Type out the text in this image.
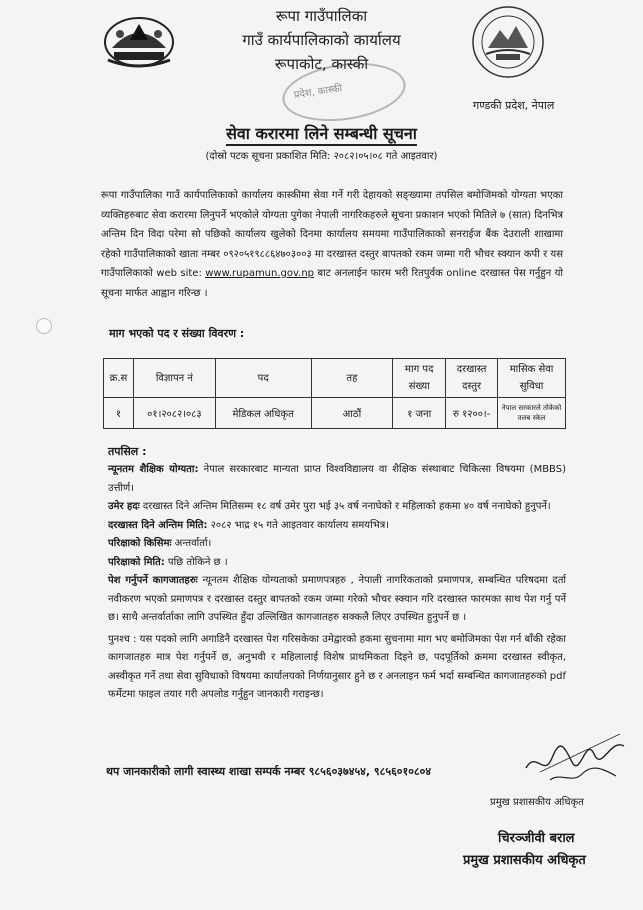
रूपा गाउँपालिका
गाउँ कार्यपालिकाको कार्यालय
रूपाकोट, कास्की
प्रदेश, कास्की
गण्डकी प्रदेश, नेपाल
सेवा करारमा लिने सम्बन्धी सूचना
(दोस्रो पटक सूचना प्रकाशित मिति: २०८२।०५।०८ गते आइतवार)
रूपा गाउँपालिका गाउँ कार्यपालिकाको कार्यालय कास्कीमा सेवा गर्ने गरी देहायको सङ्ख्यामा तपसिल बमोजिमको योग्यता भएका व्यक्तिहरुबाट सेवा करारमा लिनुपर्ने भएकोले योग्यता पुगेका नेपाली नागरिकहरुले सूचना प्रकाशन भएको मितिले ७ (सात) दिनभित्र अन्तिम दिन विदा परेमा सो पछिको कार्यालय खुलेको दिनमा कार्यालय समयमा गाउँपालिकाको सनराईज बैंक देउराली शाखामा रहेको गाउँपालिकाको खाता नम्बर ०९२०५१९८८६४७०३००३ मा दरखास्त दस्तुर बापतको रकम जम्मा गरी भौचर स्क्यान कपी र यस गाउँपालिकाको web site: www.rupamun.gov.np बाट अनलाईन फारम भरी रितपुर्वक online दरखास्त पेस गर्नुहुन यो सूचना मार्फत आह्वान गरिन्छ ।
माग भएको पद र संख्या विवरण :
क्र.स	विज्ञापन नं	पद	तह	माग पद संख्या	दरखास्त दस्तुर	मासिक सेवा सुविधा
१	०१।२०८२।०८३	मेडिकल अधिकृत	आठौं	१ जना	रु १२००।-	नेपाल सरकारले तोकेको तलब स्केल
तपसिल :

न्यूनतम शैक्षिक योग्यता: नेपाल सरकारबाट मान्यता प्राप्त विश्वविद्यालय वा शैक्षिक संस्थाबाट चिकित्सा विषयमा (MBBS) उत्तीर्ण।

उमेर हदः दरखास्त दिने अन्तिम मितिसम्म १८ वर्ष उमेर पुरा भई ३५ वर्ष ननाघेको र महिलाको हकमा ४० वर्ष ननाघेको हुनुपर्ने।

दरखास्त दिने अन्तिम मिति: २०८२ भाद्र १५ गते आइतवार कार्यालय समयभित्र।

परिक्षाको किसिमः अन्तर्वार्ता।

परिक्षाको मिति: पछि तोकिने छ ।

पेश गर्नुपर्ने कागजातहरुः न्यूनतम शैक्षिक योग्यताको प्रमाणपत्रहरु , नेपाली नागरिकताको प्रमाणपत्र, सम्बन्धित परिषदमा दर्ता नवीकरण भएको प्रमाणपत्र र दरखास्त दस्तुर बापतको रकम जम्मा गरेको भौचर स्क्यान गरि दरखास्त फारमका साथ पेश गर्नु पर्ने छ। साथै अन्तर्वार्ताका लागि उपस्थित हुँदा उल्लिखित कागजातहरु सक्कलै लिएर उपस्थित हुनुपर्ने छ ।

पुनश्च : यस पदको लागि अगाडिनै दरखास्त पेश गरिसकेका उमेद्वारको हकमा सुचनामा माग भए बमोजिमका पेश गर्न बाँकी रहेका कागजातहरु मात्र पेश गर्नुपर्ने छ, अनुभवी र महिलालाई विशेष प्राथमिकता दिइने छ, पदपूर्तिको क्रममा दरखास्त स्वीकृत, अस्वीकृत गर्ने तथा सेवा सुविधाको विषयमा कार्यालयको निर्णयानुसार हुने छ र अनलाइन फर्म भर्दा सम्बन्धित कागजातहरुको pdf फर्मेटमा फाइल तयार गरी अपलोड गर्नुहुन जानकारी गराइन्छ।

थप जानकारीको लागी स्वास्थ्य शाखा सम्पर्क नम्बर ९८५६०३७४५४, ९८५६०१०८०४
प्रमुख प्रशासकीय अधिकृत
चिरञ्जीवी बराल
प्रमुख प्रशासकीय अधिकृत
